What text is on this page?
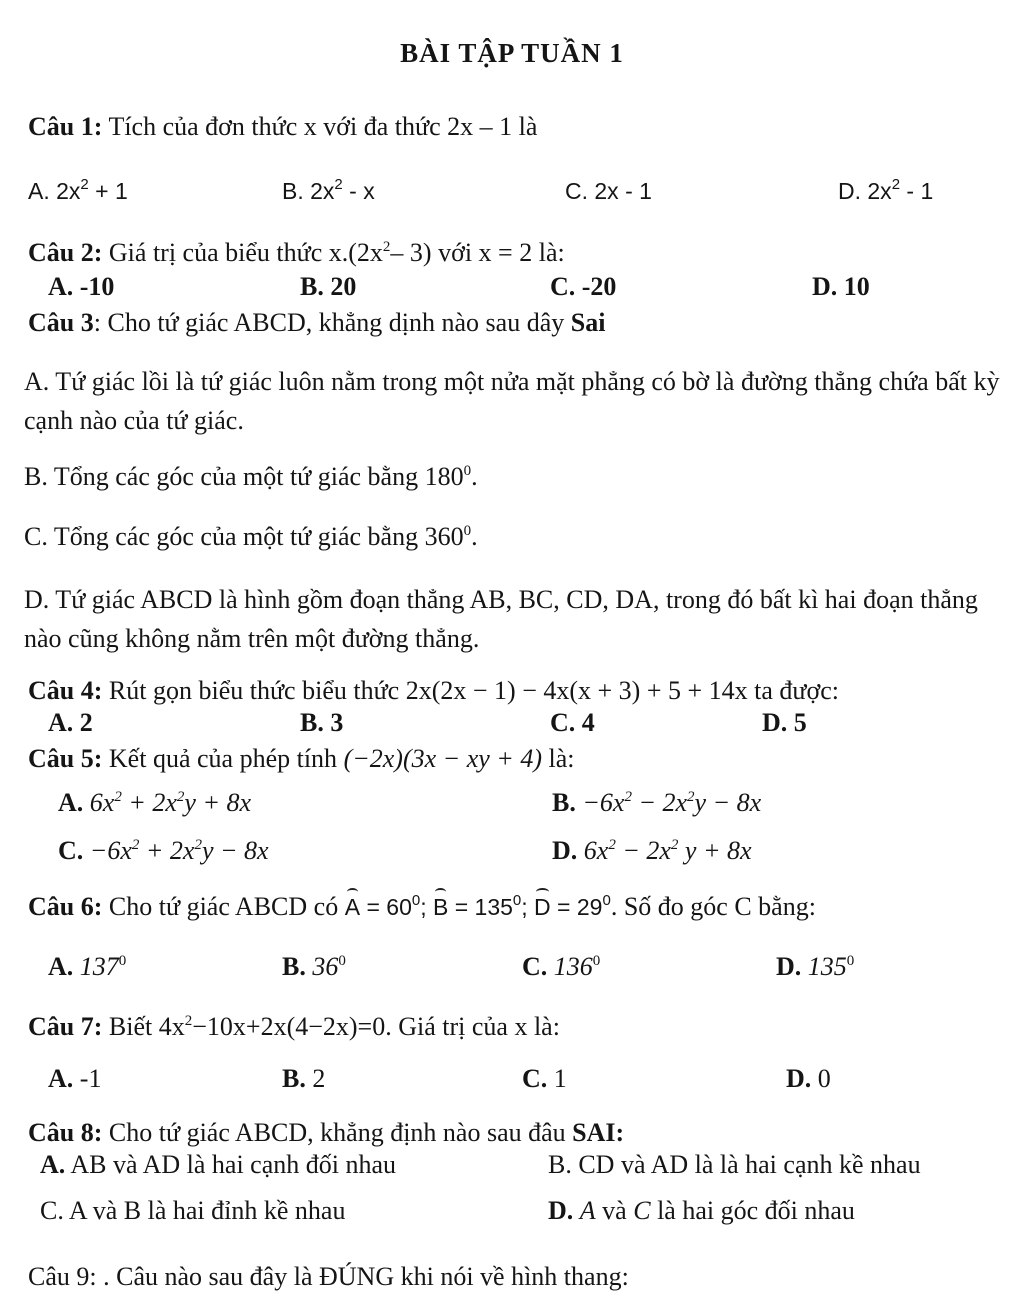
BÀI TẬP TUẦN 1
Câu 1: Tích của đơn thức x với đa thức 2x – 1 là
A. $2x^2 + 1$	B. $2x^2$ - x	C. 2x - 1	D. $2x^2 - 1$
Câu 2: Giá trị của biểu thức $x.(2x^2-$ 3) với x = 2 là:
A. -10	B. 20	C. -20	D. 10
Câu 3: Cho tứ giác ABCD, khẳng dịnh nào sau dây Sai
A. Tứ giác lồi là tứ giác luôn nằm trong một nửa mặt phẳng có bờ là đường thẳng chứa bất kỳ cạnh nào của tứ giác.
B. Tổng các góc của một tứ giác bằng $180^0$.
C. Tổng các góc của một tứ giác bằng $360^0$.
D. Tứ giác ABCD là hình gồm đoạn thẳng AB, BC, CD, DA, trong đó bất kì hai đoạn thẳng nào cũng không nằm trên một đường thẳng.
Câu 4: Rút gọn biểu thức biểu thức 2x(2x − 1) − 4x(x + 3) + 5 + 14x ta được:
A. 2	B. 3	C. 4	D. 5
Câu 5: Kết quả của phép tính (−2x)(3x − xy + 4) là:
A. $6x^2 + 2x^2y + 8x$	B. $-6x^2 - 2x^2y - 8x$
C. $-6x^2 + 2x^2y - 8x$	D. $6x^2 - 2x^2$ y + 8x
Câu 6: Cho tứ giác ABCD có $A = 60^0$; $B = 135^0$; $D = 29^0$. Số đo góc C bằng:
A. $137^0$	B. $36^0$	C. $136^0$	D. $135^0$
Câu 7: Biết $4x^2-10x+2x(4-2x)=0$. Giá trị của x là:
A. -1	B. 2	C. 1	D. 0
Câu 8: Cho tứ giác ABCD, khẳng định nào sau đâu SAI:
A. AB và AD là hai cạnh đối nhau	B. CD và AD là là hai cạnh kề nhau
C. A và B là hai đỉnh kề nhau	D. A và C là hai góc đối nhau
Câu 9: . Câu nào sau đây là ĐÚNG khi nói về hình thang:
